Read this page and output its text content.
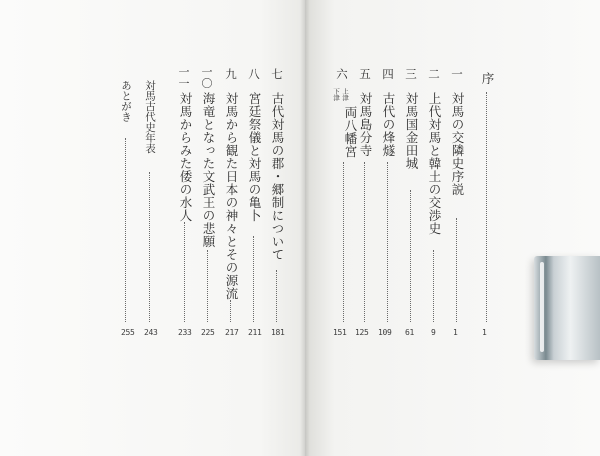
序
1
一
対馬の交隣史序説
1
二
上代対馬と韓土の交渉史
9
三
対馬国金田城
61
四
古代の烽燧
109
五
対馬島分寺
125
六
上津
下津
両八幡宮
151
七
古代対馬の郡・郷制について
181
八
宮廷祭儀と対馬の亀卜
211
九
対馬から観た日本の神々とその源流
217
一〇
海竜となった文武王の悲願
225
一一
対馬からみた倭の水人
233
対馬古代史年表
243
あとがき
255
